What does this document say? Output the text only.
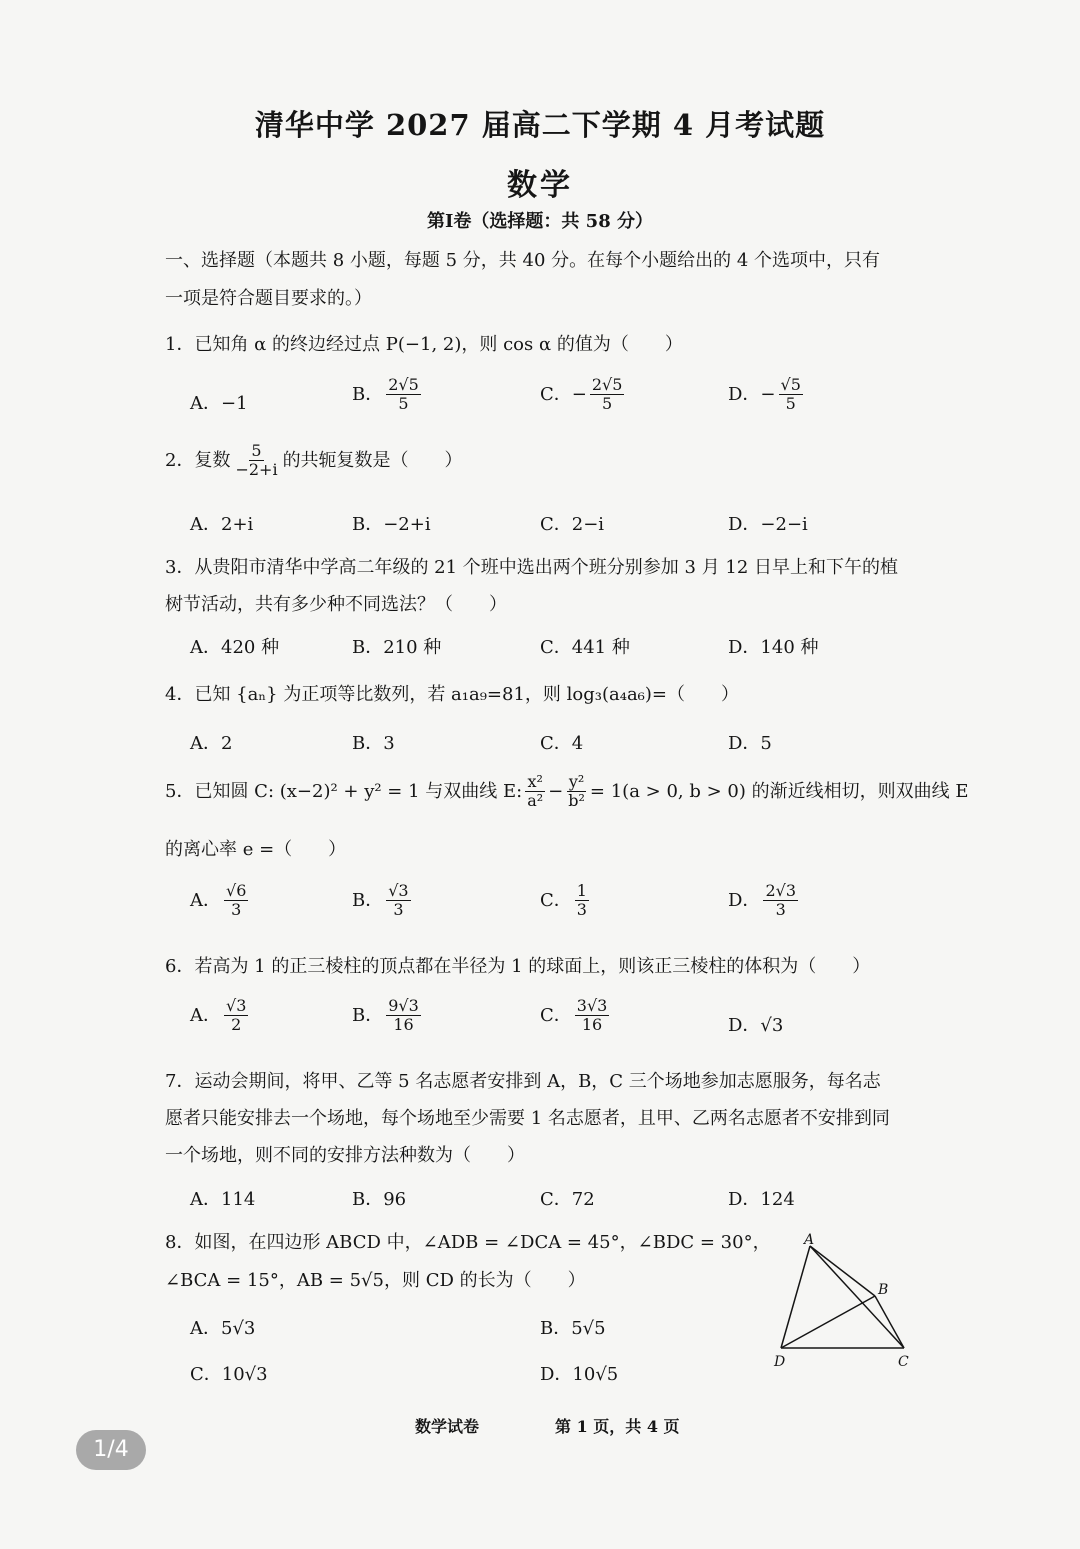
清华中学 2027 届高二下学期 4 月考试题
数学
第Ⅰ卷（选择题：共 58 分）
一、选择题（本题共 8 小题，每题 5 分，共 40 分。在每个小题给出的 4 个选项中，只有
一项是符合题目要求的。）
1．已知角 α 的终边经过点 P(−1, 2)，则 cos α 的值为（　　）
A．−1	B． $\frac{2√5}{5}$	C．− $\frac{2√5}{5}$	D．− $\frac{√5}{5}$
2．复数 $\frac{5}{-2+i}$ 的共轭复数是（　　）
A．2+i	B．−2+i	C．2−i	D．−2−i
3．从贵阳市清华中学高二年级的 21 个班中选出两个班分别参加 3 月 12 日早上和下午的植
树节活动，共有多少种不同选法？（　　）
A．420 种	B．210 种	C．441 种	D．140 种
4．已知 {aₙ} 为正项等比数列，若 a₁a₉=81，则 log₃(a₄a₆)=（　　）
A．2	B．3	C．4	D．5
5．已知圆 C: (x−2)² + y² = 1 与双曲线 E: $\frac{\text{x²}}{\text{a²}} - \frac{\text{y²}}{\text{b²}} = 1(a > 0$, b > 0) 的渐近线相切，则双曲线 E
的离心率 e =（　　）
A． $\frac{√6}{3}$	B． $\frac{√3}{3}$	C． $\frac{1}{3}$	D． $\frac{2√3}{3}$
6．若高为 1 的正三棱柱的顶点都在半径为 1 的球面上，则该正三棱柱的体积为（　　）
A． $\frac{√3}{2}$	B． $\frac{9√3}{16}$	C． $\frac{3√3}{16}$	D．√3
7．运动会期间，将甲、乙等 5 名志愿者安排到 A，B，C 三个场地参加志愿服务，每名志
愿者只能安排去一个场地，每个场地至少需要 1 名志愿者，且甲、乙两名志愿者不安排到同
一个场地，则不同的安排方法种数为（　　）
A．114	B．96	C．72	D．124
8．如图，在四边形 ABCD 中，∠ADB = ∠DCA = 45°，∠BDC = 30°，
∠BCA = 15°，AB = 5√5，则 CD 的长为（　　）
A．5√3	B．5√5
C．10√3	D．10√5
A
B
C
D
数学试卷	第 1 页，共 4 页
1/4
